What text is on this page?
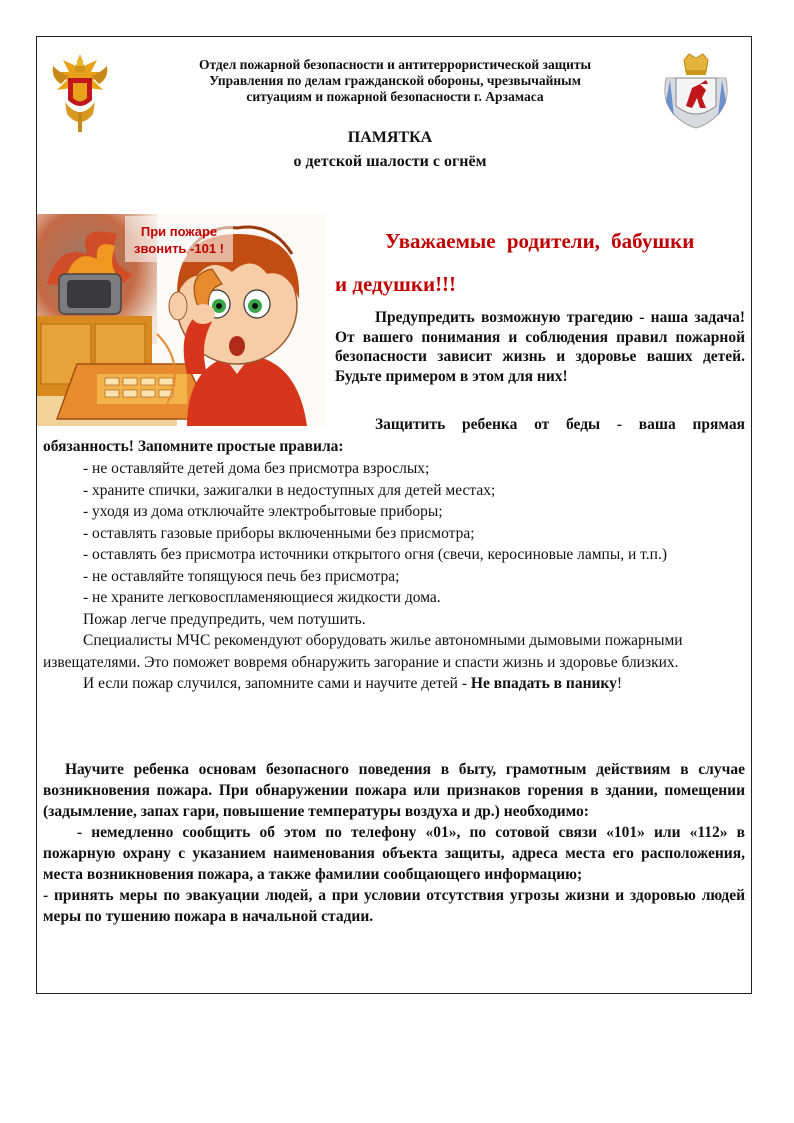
Отдел пожарной безопасности и антитеррористической защиты
Управления по делам гражданской обороны, чрезвычайным
ситуациям и пожарной безопасности г. Арзамаса
ПАМЯТКА
о детской шалости с огнём
При пожаре
звонить -101 !	Уважаемые родители, бабушки
и дедушки!!!
Предупредить возможную трагедию - наша задача! От вашего понимания и соблюдения правил пожарной безопасности зависит жизнь и здоровье ваших детей. Будьте примером в этом для них!
Защитить ребенка от беды - ваша прямая
обязанность! Запомните простые правила:

- не оставляйте детей дома без присмотра взрослых;

- храните спички, зажигалки в недоступных для детей местах;

- уходя из дома отключайте электробытовые приборы;

- оставлять газовые приборы включенными без присмотра;

- оставлять без присмотра источники открытого огня (свечи, керосиновые лампы, и т.п.)

- не оставляйте топящуюся печь без присмотра;

- не храните легковоспламеняющиеся жидкости дома.

Пожар легче предупредить, чем потушить.

Специалисты МЧС рекомендуют оборудовать жилье автономными дымовыми пожарными извещателями. Это поможет вовремя обнаружить загорание и спасти жизнь и здоровье близких.

И если пожар случился, запомните сами и научите детей - Не впадать в панику!

Научите ребенка основам безопасного поведения в быту, грамотным действиям в случае возникновения пожара. При обнаружении пожара или признаков горения в здании, помещении (задымление, запах гари, повышение температуры воздуха и др.) необходимо:

- немедленно сообщить об этом по телефону «01», по сотовой связи «101» или «112» в пожарную охрану с указанием наименования объекта защиты, адреса места его расположения, места возникновения пожара, а также фамилии сообщающего информацию;

- принять меры по эвакуации людей, а при условии отсутствия угрозы жизни и здоровью людей меры по тушению пожара в начальной стадии.
